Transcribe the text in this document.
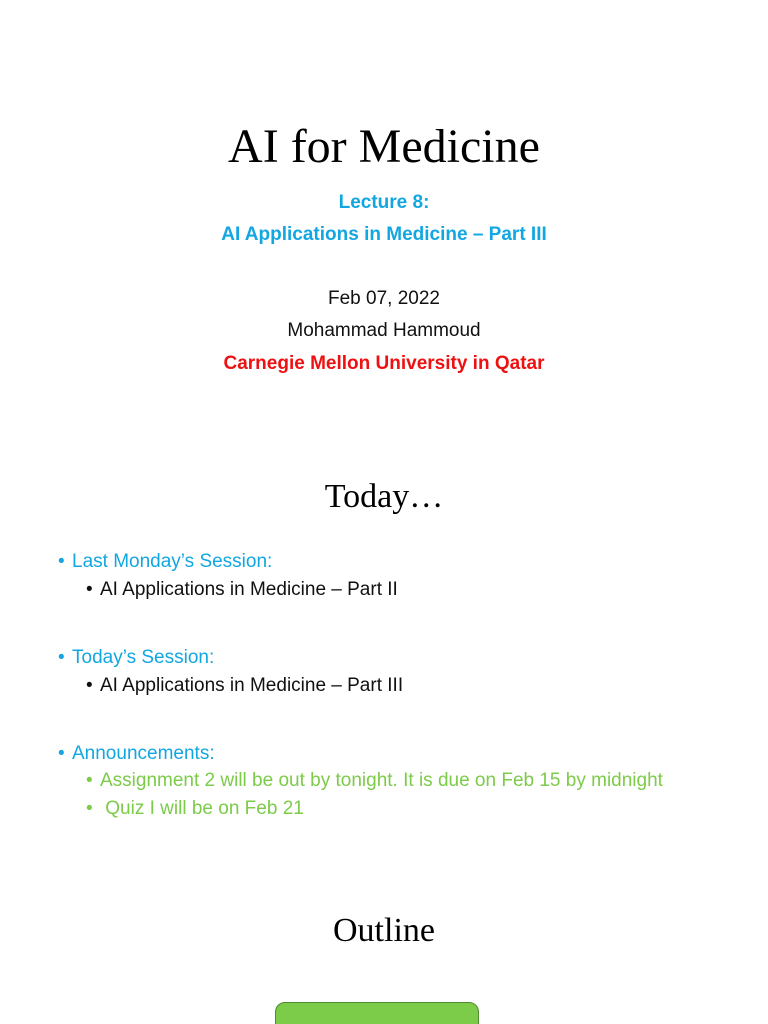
AI for Medicine
Lecture 8:
AI Applications in Medicine – Part III
Feb 07, 2022
Mohammad Hammoud
Carnegie Mellon University in Qatar
Today…
• Last Monday’s Session:
• AI Applications in Medicine – Part II
• Today’s Session:
• AI Applications in Medicine – Part III
• Announcements:
• Assignment 2 will be out by tonight. It is due on Feb 15 by midnight
• Quiz I will be on Feb 21
Outline
